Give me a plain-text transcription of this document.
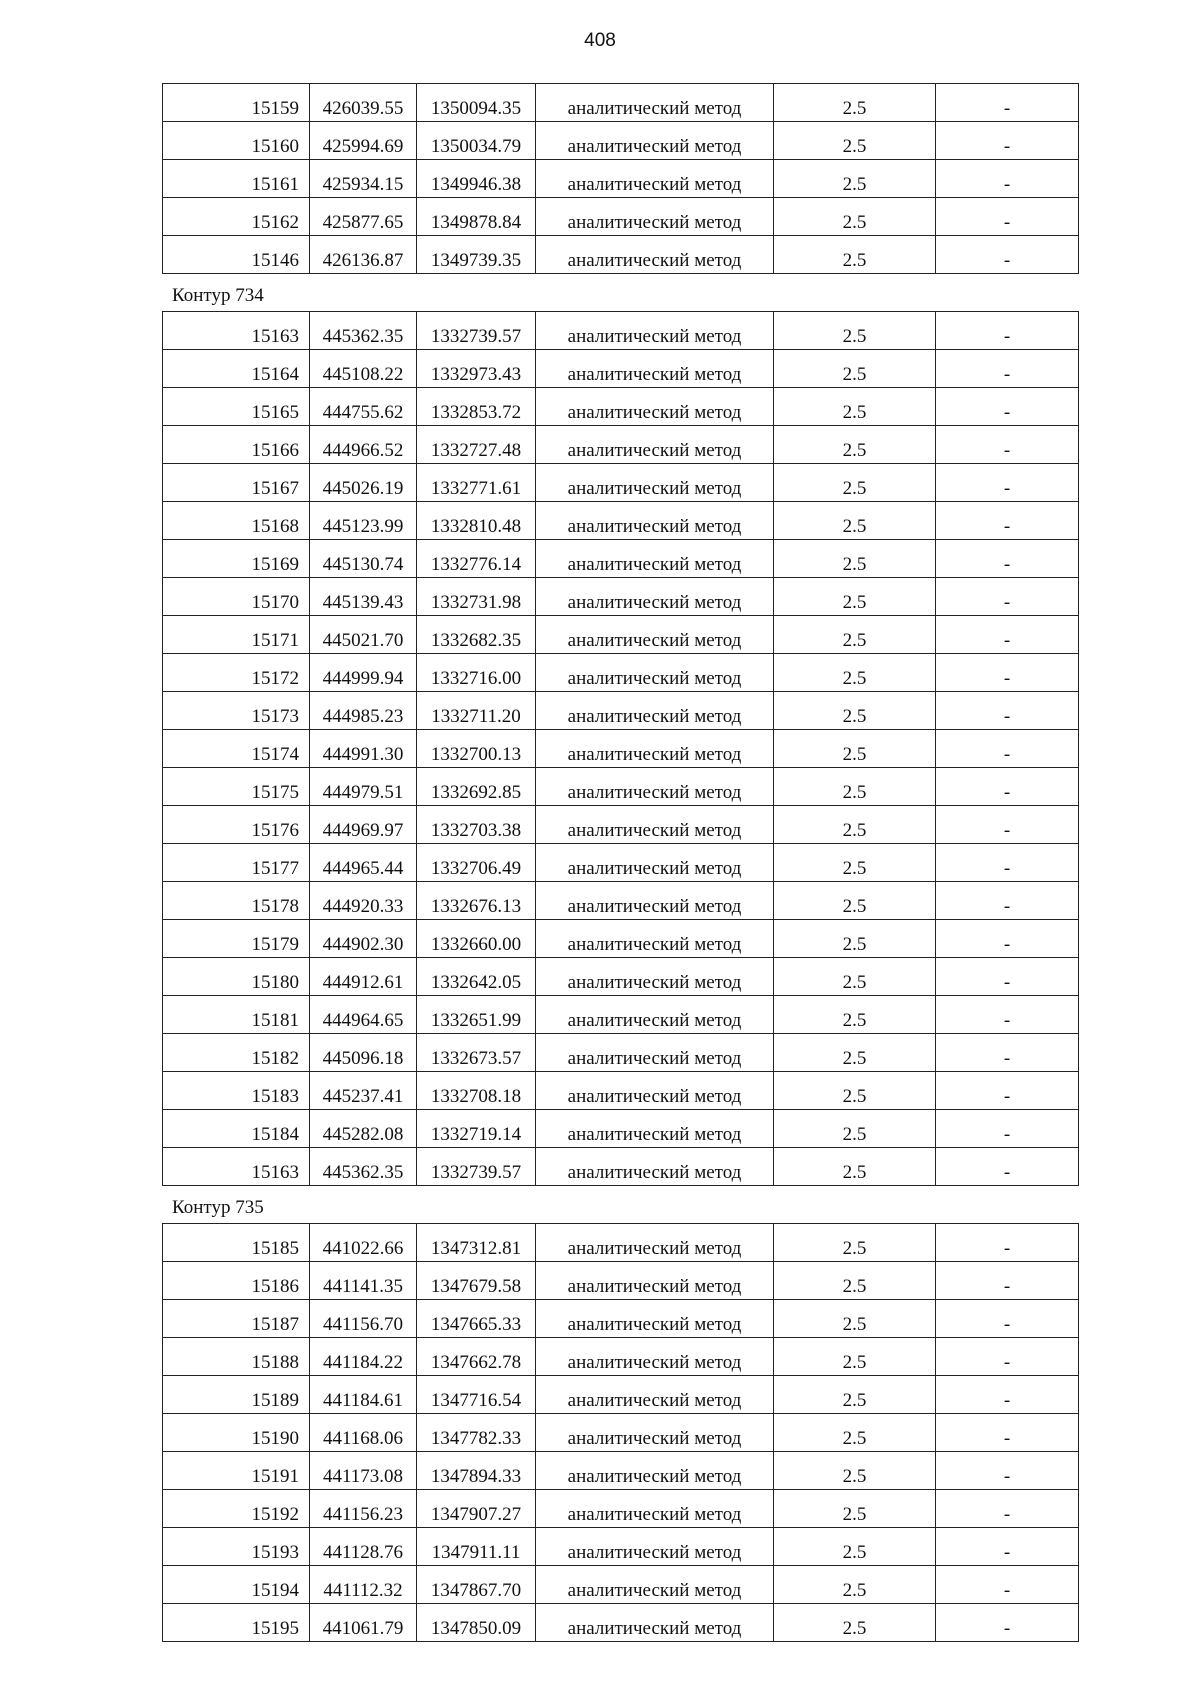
408
15159	426039.55	1350094.35	аналитический метод	2.5	-
15160	425994.69	1350034.79	аналитический метод	2.5	-
15161	425934.15	1349946.38	аналитический метод	2.5	-
15162	425877.65	1349878.84	аналитический метод	2.5	-
15146	426136.87	1349739.35	аналитический метод	2.5	-
Контур 734
15163	445362.35	1332739.57	аналитический метод	2.5	-
15164	445108.22	1332973.43	аналитический метод	2.5	-
15165	444755.62	1332853.72	аналитический метод	2.5	-
15166	444966.52	1332727.48	аналитический метод	2.5	-
15167	445026.19	1332771.61	аналитический метод	2.5	-
15168	445123.99	1332810.48	аналитический метод	2.5	-
15169	445130.74	1332776.14	аналитический метод	2.5	-
15170	445139.43	1332731.98	аналитический метод	2.5	-
15171	445021.70	1332682.35	аналитический метод	2.5	-
15172	444999.94	1332716.00	аналитический метод	2.5	-
15173	444985.23	1332711.20	аналитический метод	2.5	-
15174	444991.30	1332700.13	аналитический метод	2.5	-
15175	444979.51	1332692.85	аналитический метод	2.5	-
15176	444969.97	1332703.38	аналитический метод	2.5	-
15177	444965.44	1332706.49	аналитический метод	2.5	-
15178	444920.33	1332676.13	аналитический метод	2.5	-
15179	444902.30	1332660.00	аналитический метод	2.5	-
15180	444912.61	1332642.05	аналитический метод	2.5	-
15181	444964.65	1332651.99	аналитический метод	2.5	-
15182	445096.18	1332673.57	аналитический метод	2.5	-
15183	445237.41	1332708.18	аналитический метод	2.5	-
15184	445282.08	1332719.14	аналитический метод	2.5	-
15163	445362.35	1332739.57	аналитический метод	2.5	-
Контур 735
15185	441022.66	1347312.81	аналитический метод	2.5	-
15186	441141.35	1347679.58	аналитический метод	2.5	-
15187	441156.70	1347665.33	аналитический метод	2.5	-
15188	441184.22	1347662.78	аналитический метод	2.5	-
15189	441184.61	1347716.54	аналитический метод	2.5	-
15190	441168.06	1347782.33	аналитический метод	2.5	-
15191	441173.08	1347894.33	аналитический метод	2.5	-
15192	441156.23	1347907.27	аналитический метод	2.5	-
15193	441128.76	1347911.11	аналитический метод	2.5	-
15194	441112.32	1347867.70	аналитический метод	2.5	-
15195	441061.79	1347850.09	аналитический метод	2.5	-
